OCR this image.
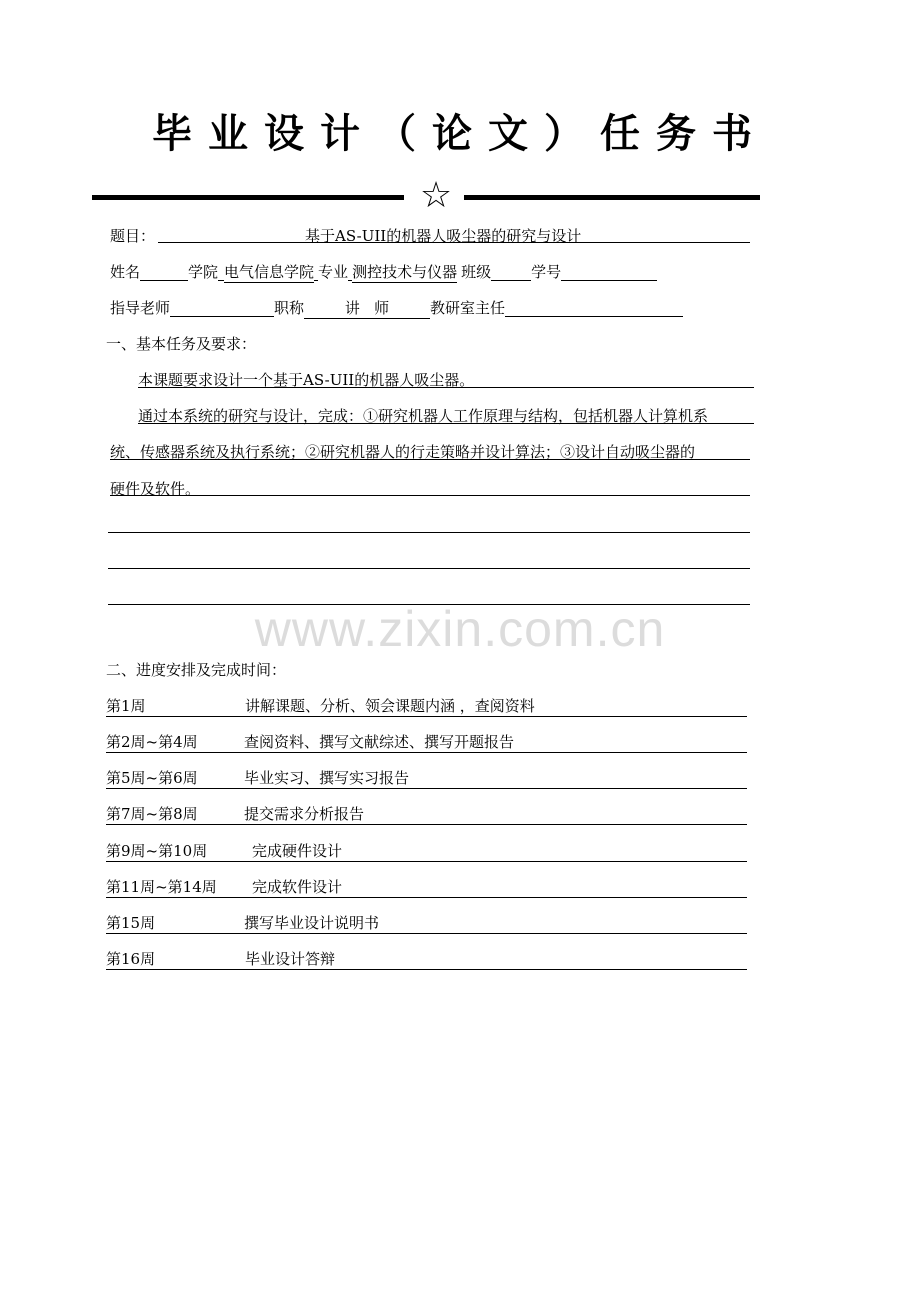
毕业设计（论文）任务书
☆
题目：	基于AS-UII的机器人吸尘器的研究与设计
姓名	学院 电气信息学院 专业 测控技术与仪器 班级	学号
指导老师	职称	讲   师	教研室主任
一、基本任务及要求：
本课题要求设计一个基于AS-UII的机器人吸尘器。
通过本系统的研究与设计，完成：①研究机器人工作原理与结构，包括机器人计算机系
统、传感器系统及执行系统；②研究机器人的行走策略并设计算法；③设计自动吸尘器的
硬件及软件。
www.zixin.com.cn
二、进度安排及完成时间：
第1周	讲解课题、分析、领会课题内涵 ，查阅资料
第2周~第4周	查阅资料、撰写文献综述、撰写开题报告
第5周~第6周	毕业实习、撰写实习报告
第7周~第8周	提交需求分析报告
第9周~第10周	完成硬件设计
第11周~第14周 完成软件设计
第15周	撰写毕业设计说明书
第16周	毕业设计答辩
